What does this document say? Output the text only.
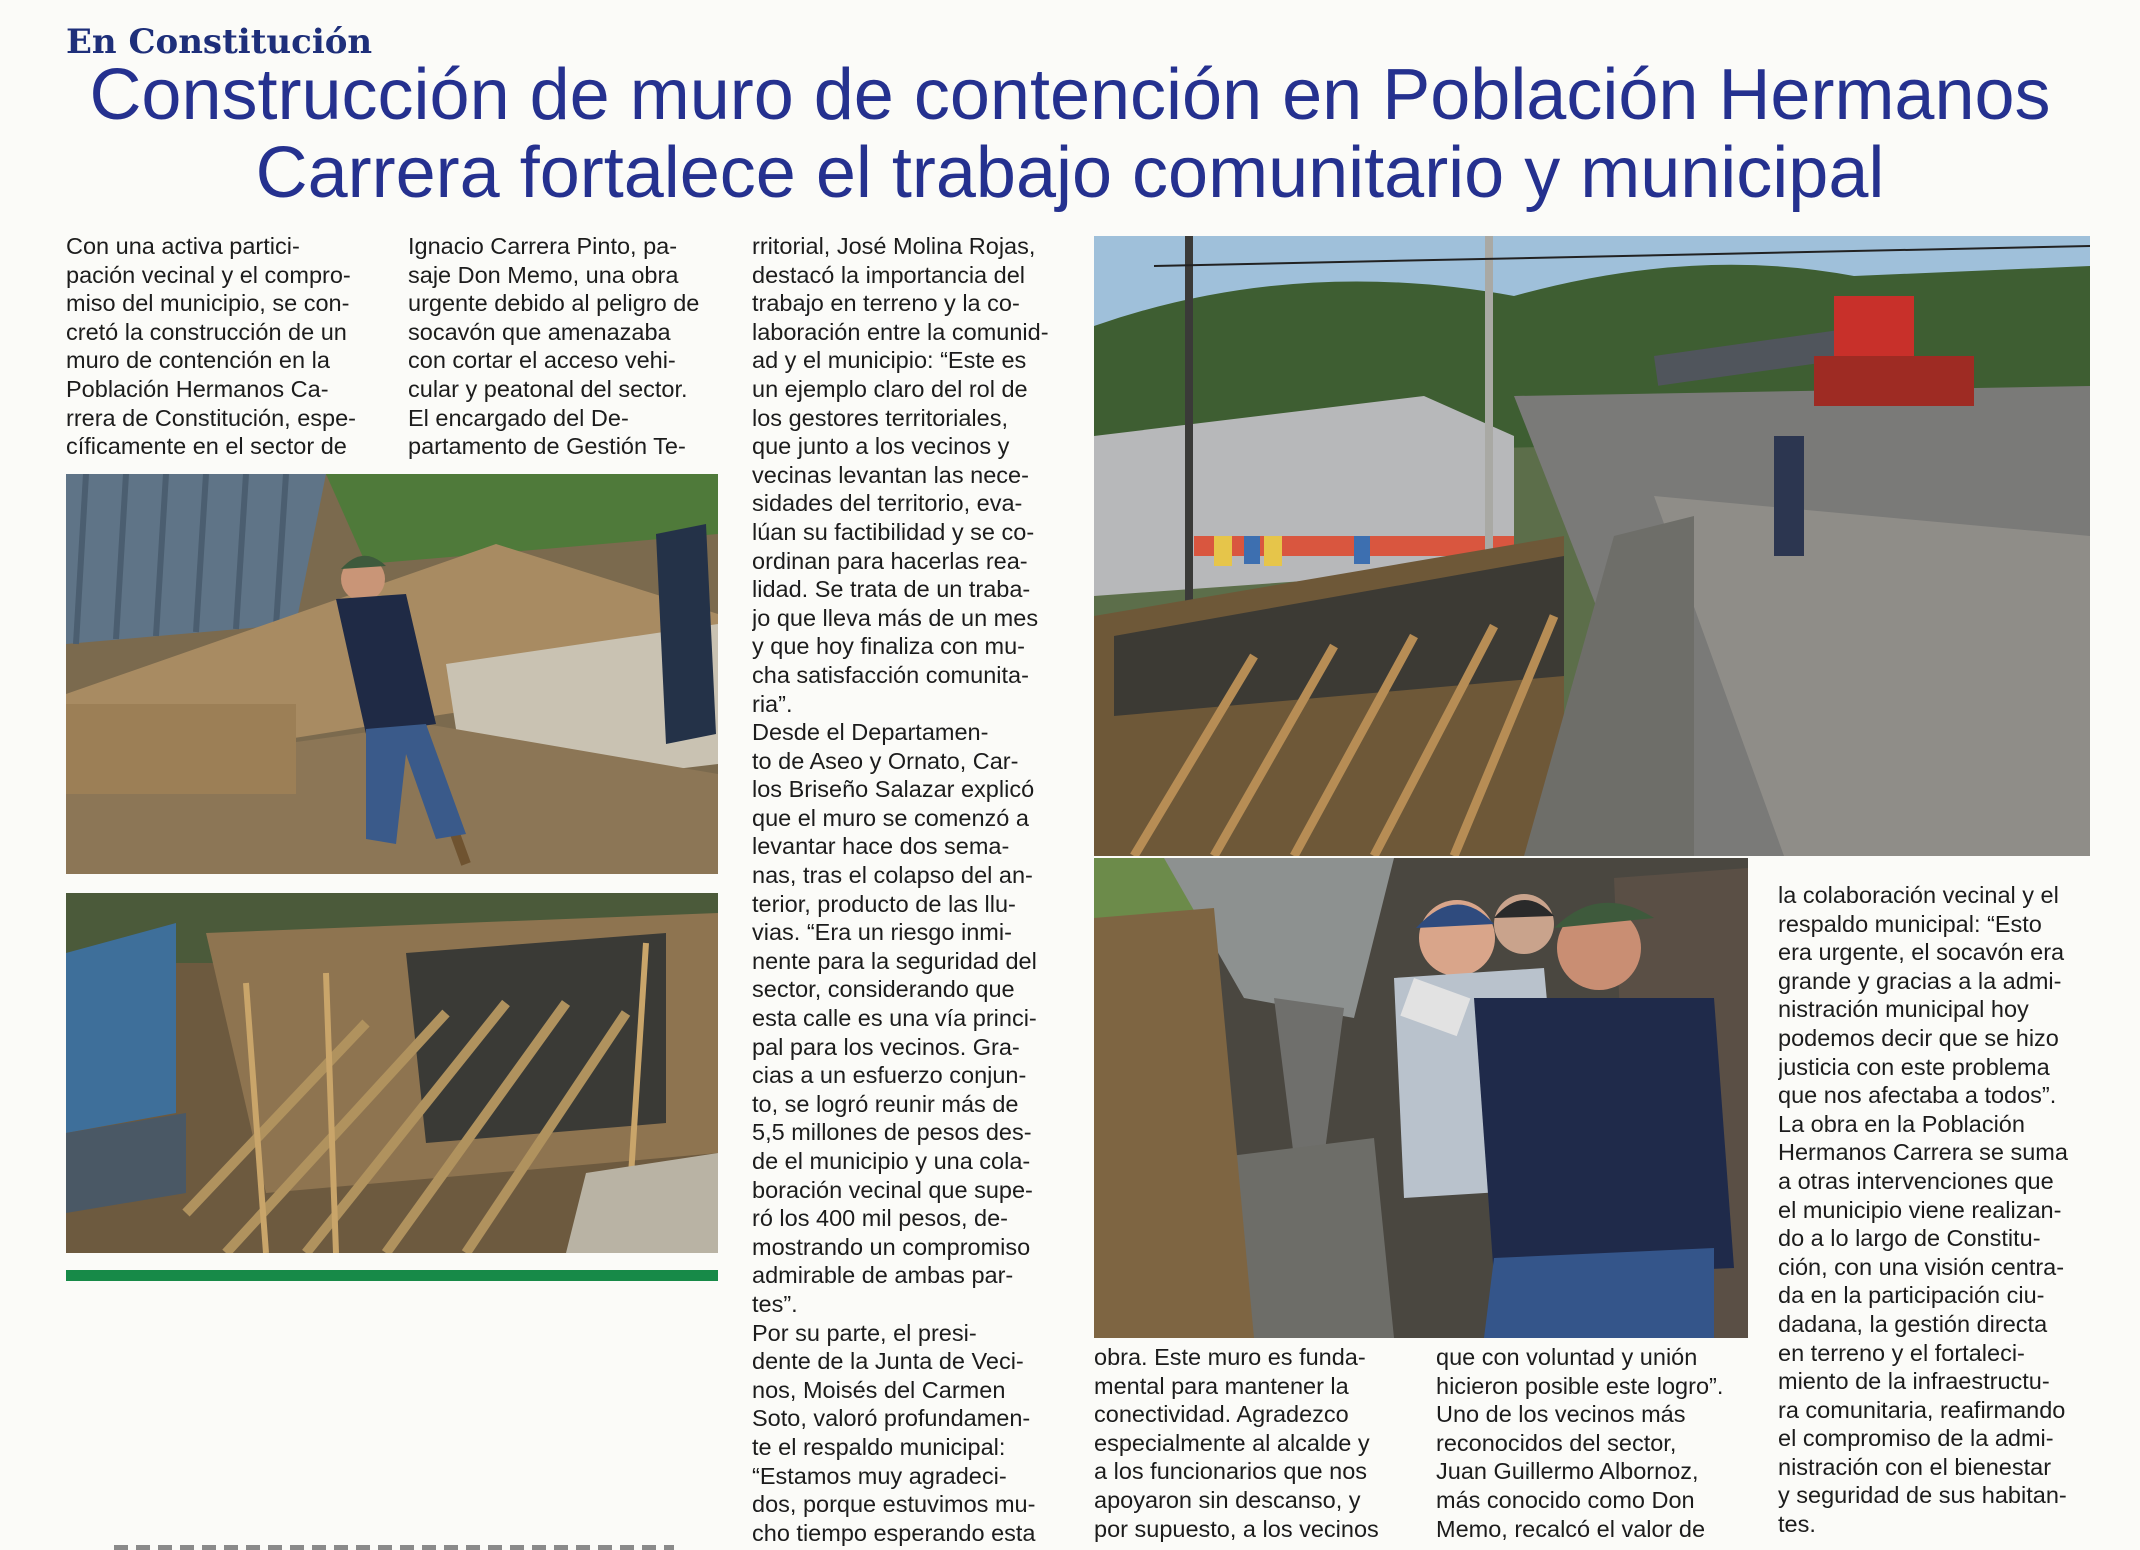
En Constitución
Construcción de muro de contención en Población Hermanos Carrera fortalece el trabajo comunitario y municipal

Con una activa partici-
pación vecinal y el compro-
miso del municipio, se con-
cretó la construcción de un
muro de contención en la
Población Hermanos Ca-
rrera de Constitución, espe-
cíficamente en el sector de

Ignacio Carrera Pinto, pa-
saje Don Memo, una obra
urgente debido al peligro de
socavón que amenazaba
con cortar el acceso vehi-
cular y peatonal del sector.
El encargado del De-
partamento de Gestión Te-

rritorial, José Molina Rojas,
destacó la importancia del
trabajo en terreno y la co-
laboración entre la comunid-
ad y el municipio: “Este es
un ejemplo claro del rol de
los gestores territoriales,
que junto a los vecinos y
vecinas levantan las nece-
sidades del territorio, eva-
lúan su factibilidad y se co-
ordinan para hacerlas rea-
lidad. Se trata de un traba-
jo que lleva más de un mes
y que hoy finaliza con mu-
cha satisfacción comunita-
ria”.
Desde el Departamen-
to de Aseo y Ornato, Car-
los Briseño Salazar explicó
que el muro se comenzó a
levantar hace dos sema-
nas, tras el colapso del an-
terior, producto de las llu-
vias. “Era un riesgo inmi-
nente para la seguridad del
sector, considerando que
esta calle es una vía princi-
pal para los vecinos. Gra-
cias a un esfuerzo conjun-
to, se logró reunir más de
5,5 millones de pesos des-
de el municipio y una cola-
boración vecinal que supe-
ró los 400 mil pesos, de-
mostrando un compromiso
admirable de ambas par-
tes”.
Por su parte, el presi-
dente de la Junta de Veci-
nos, Moisés del Carmen
Soto, valoró profundamen-
te el respaldo municipal:
“Estamos muy agradeci-
dos, porque estuvimos mu-
cho tiempo esperando esta

obra. Este muro es funda-
mental para mantener la
conectividad. Agradezco
especialmente al alcalde y
a los funcionarios que nos
apoyaron sin descanso, y
por supuesto, a los vecinos

que con voluntad y unión
hicieron posible este logro”.
Uno de los vecinos más
reconocidos del sector,
Juan Guillermo Albornoz,
más conocido como Don
Memo, recalcó el valor de

la colaboración vecinal y el
respaldo municipal: “Esto
era urgente, el socavón era
grande y gracias a la admi-
nistración municipal hoy
podemos decir que se hizo
justicia con este problema
que nos afectaba a todos”.
La obra en la Población
Hermanos Carrera se suma
a otras intervenciones que
el municipio viene realizan-
do a lo largo de Constitu-
ción, con una visión centra-
da en la participación ciu-
dadana, la gestión directa
en terreno y el fortaleci-
miento de la infraestructu-
ra comunitaria, reafirmando
el compromiso de la admi-
nistración con el bienestar
y seguridad de sus habitan-
tes.
